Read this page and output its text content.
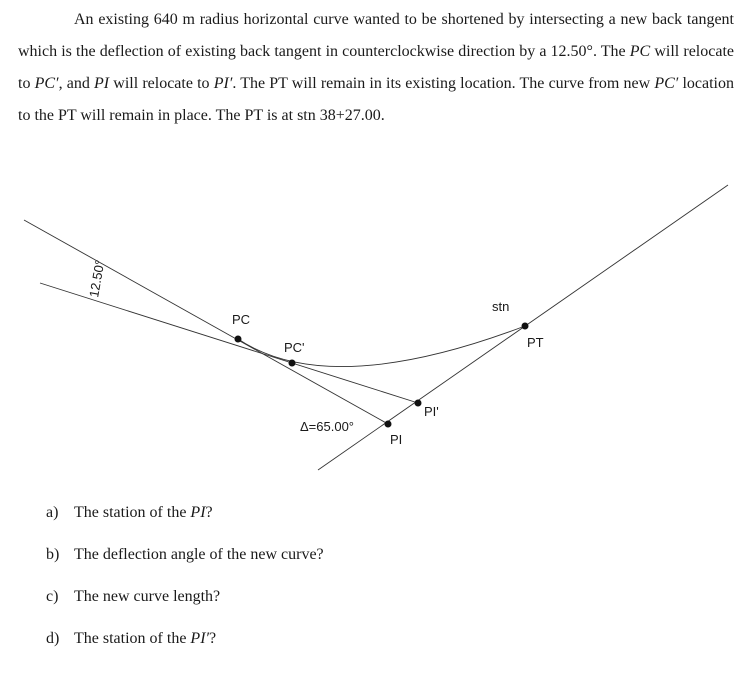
An existing 640 m radius horizontal curve wanted to be shortened by intersecting a new back tangent which is the deflection of existing back tangent in counterclockwise direction by a 12.50°. The PC will relocate to PC′, and PI will relocate to PI′. The PT will remain in its existing location. The curve from new PC′ location to the PT will remain in place. The PT is at stn 38+27.00.

PC
PC'
PI
PI'
PT
stn
Δ=65.00°
12.50°
a) The station of the PI?
b) The deflection angle of the new curve?
c) The new curve length?
d) The station of the PI′?
